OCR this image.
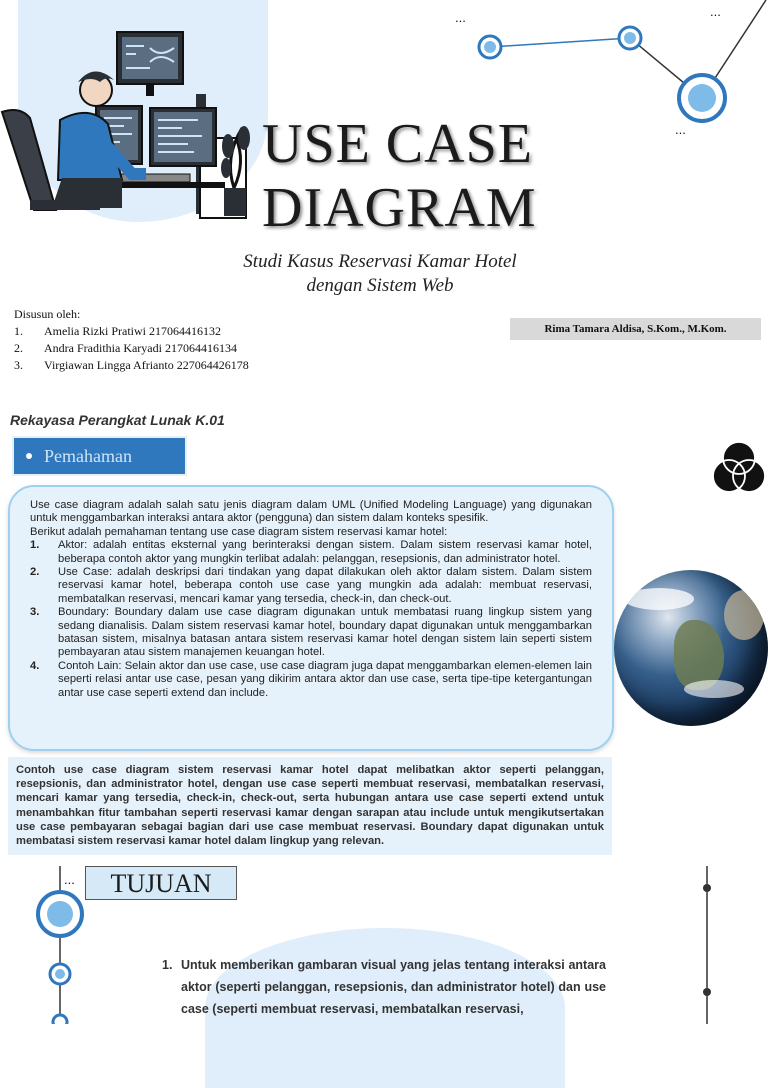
...	...
...
USE CASE
DIAGRAM
Studi Kasus Reservasi Kamar Hotel
dengan Sistem Web
Disusun oleh:
1.	Amelia Rizki Pratiwi 217064416132
2.	Andra Fradithia Karyadi 217064416134
3.	Virgiawan Lingga Afrianto 227064426178
Rima Tamara Aldisa, S.Kom., M.Kom.
Rekayasa Perangkat Lunak K.01
Pemahaman

Use case diagram adalah salah satu jenis diagram dalam UML (Unified Modeling Language) yang digunakan untuk menggambarkan interaksi antara aktor (pengguna) dan sistem dalam konteks spesifik.

Berikut adalah pemahaman tentang use case diagram sistem reservasi kamar hotel:

1.	Aktor: adalah entitas eksternal yang berinteraksi dengan sistem. Dalam sistem reservasi kamar hotel, beberapa contoh aktor yang mungkin terlibat adalah: pelanggan, resepsionis, dan administrator hotel.
2.	Use Case: adalah deskripsi dari tindakan yang dapat dilakukan oleh aktor dalam sistem. Dalam sistem reservasi kamar hotel, beberapa contoh use case yang mungkin ada adalah: membuat reservasi, membatalkan reservasi, mencari kamar yang tersedia, check-in, dan check-out.
3.	Boundary: Boundary dalam use case diagram digunakan untuk membatasi ruang lingkup sistem yang sedang dianalisis. Dalam sistem reservasi kamar hotel, boundary dapat digunakan untuk menggambarkan batasan sistem, misalnya batasan antara sistem reservasi kamar hotel dengan sistem lain seperti sistem pembayaran atau sistem manajemen keuangan hotel.
4.	Contoh Lain: Selain aktor dan use case, use case diagram juga dapat menggambarkan elemen-elemen lain seperti relasi antar use case, pesan yang dikirim antara aktor dan use case, serta tipe-tipe ketergantungan antar use case seperti extend dan include.
Contoh use case diagram sistem reservasi kamar hotel dapat melibatkan aktor seperti pelanggan, resepsionis, dan administrator hotel, dengan use case seperti membuat reservasi, membatalkan reservasi, mencari kamar yang tersedia, check-in, check-out, serta hubungan antara use case seperti extend untuk menambahkan fitur tambahan seperti reservasi kamar dengan sarapan atau include untuk mengikutsertakan use case pembayaran sebagai bagian dari use case membuat reservasi. Boundary dapat digunakan untuk membatasi sistem reservasi kamar hotel dalam lingkup yang relevan.
...	TUJUAN
1. Untuk memberikan gambaran visual yang jelas tentang interaksi antara aktor (seperti pelanggan, resepsionis, dan administrator hotel) dan use case (seperti membuat reservasi, membatalkan reservasi,
